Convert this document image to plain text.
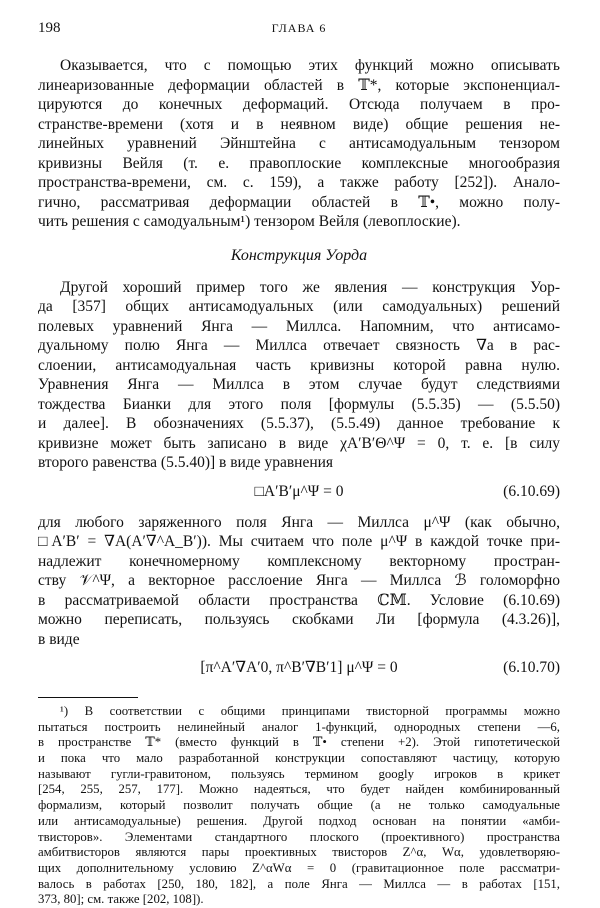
198	ГЛАВА 6
Оказывается, что с помощью этих функций можно описывать
линеаризованные деформации областей в 𝕋*, которые экспоненциал-
цируются до конечных деформаций. Отсюда получаем в про-
странстве-времени (хотя и в неявном виде) общие решения не-
линейных уравнений Эйнштейна с антисамодуальным тензором
кривизны Вейля (т. е. правоплоские комплексные многообразия
пространства-времени, см. с. 159), а также работу [252]). Анало-
гично, рассматривая деформации областей в 𝕋•, можно полу-
чить решения с самодуальным¹) тензором Вейля (левоплоские).
Конструкция Уорда
Другой хороший пример того же явления — конструкция Уор-
да [357] общих антисамодуальных (или самодуальных) решений
полевых уравнений Янга — Миллса. Напомним, что антисамо-
дуальному полю Янга — Миллса отвечает связность ∇a в рас-
слоении, антисамодуальная часть кривизны которой равна нулю.
Уравнения Янга — Миллса в этом случае будут следствиями
тождества Бианки для этого поля [формулы (5.5.35) — (5.5.50)
и далее]. В обозначениях (5.5.37), (5.5.49) данное требование к
кривизне может быть записано в виде χA′B′Θ^Ψ = 0, т. е. [в силу
второго равенства (5.5.40)] в виде уравнения
□A′B′μ^Ψ = 0	(6.10.69)
для любого заряженного поля Янга — Миллса μ^Ψ (как обычно,
□A′B′ = ∇A(A′∇^A_B′)). Мы считаем что поле μ^Ψ в каждой точке при-
надлежит конечномерному комплексному векторному простран-
ству 𝒱^Ψ, а векторное расслоение Янга — Миллса ℬ голоморфно
в рассматриваемой области пространства ℂ𝕄. Условие (6.10.69)
можно переписать, пользуясь скобками Ли [формула (4.3.26)],
в виде
[π^A′∇A′0, π^B′∇B′1] μ^Ψ = 0	(6.10.70)
¹) В соответствии с общими принципами твисторной программы можно
пытаться построить нелинейный аналог 1-функций, однородных степени —6,
в пространстве 𝕋* (вместо функций в 𝕋• степени +2). Этой гипотетической
и пока что мало разработанной конструкции сопоставляют частицу, которую
называют гугли-гравитоном, пользуясь термином googly игроков в крикет
[254, 255, 257, 177]. Можно надеяться, что будет найден комбинированный
формализм, который позволит получать общие (а не только самодуальные
или антисамодуальные) решения. Другой подход основан на понятии «амби-
твисторов». Элементами стандартного плоского (проективного) пространства
амбитвисторов являются пары проективных твисторов Z^α, Wα, удовлетворяю-
щих дополнительному условию Z^αWα = 0 (гравитационное поле рассматри-
валось в работах [250, 180, 182], а поле Янга — Миллса — в работах [151,
373, 80]; см. также [202, 108]).
